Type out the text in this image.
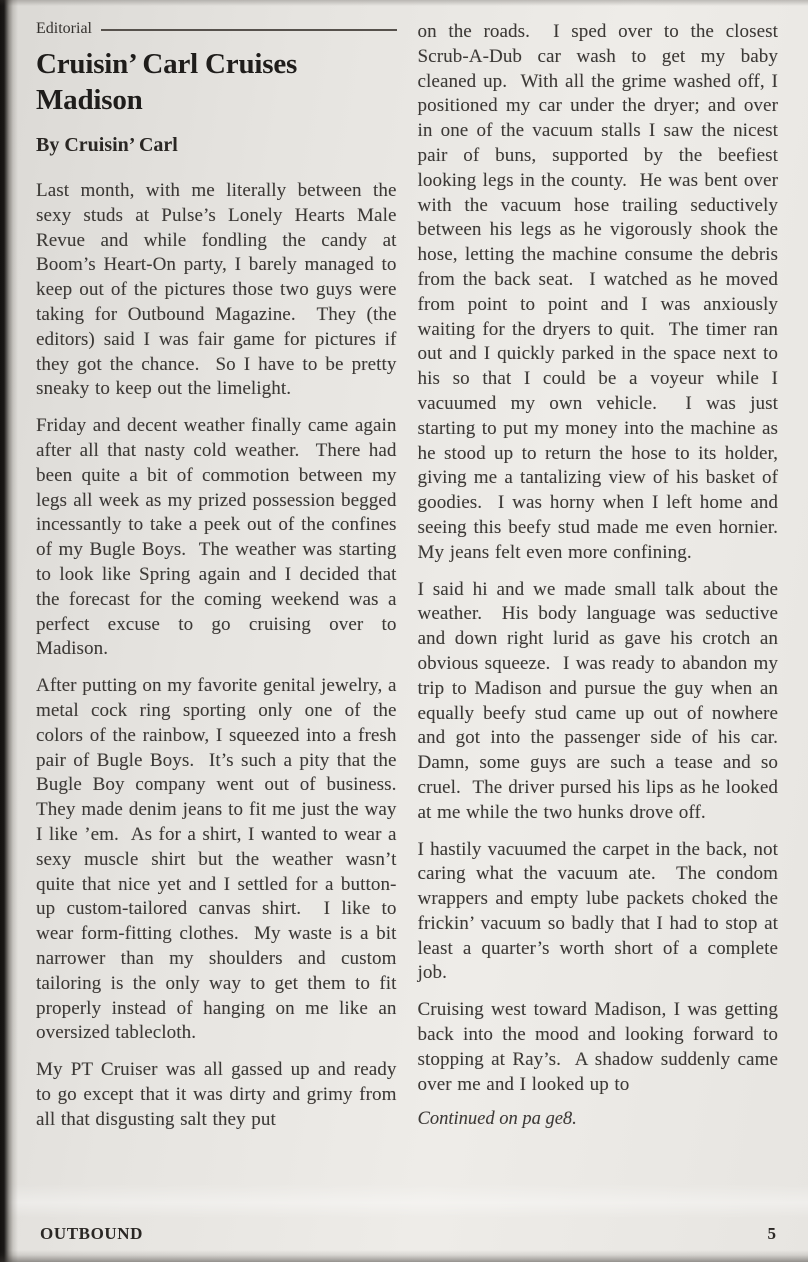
Editorial
Cruisin’ Carl Cruises
Madison

By Cruisin’ Carl

Last month, with me literally between the sexy studs at Pulse’s Lonely Hearts Male Revue and while fondling the candy at Boom’s Heart-On party, I barely managed to keep out of the pictures those two guys were taking for Outbound Magazine.  They (the editors) said I was fair game for pictures if they got the chance.  So I have to be pretty sneaky to keep out the limelight.

Friday and decent weather finally came again after all that nasty cold weather.  There had been quite a bit of commotion between my legs all week as my prized possession begged incessantly to take a peek out of the confines of my Bugle Boys.  The weather was starting to look like Spring again and I decided that the forecast for the coming weekend was a perfect excuse to go cruising over to Madison.

After putting on my favorite genital jewelry, a metal cock ring sporting only one of the colors of the rainbow, I squeezed into a fresh pair of Bugle Boys.  It’s such a pity that the Bugle Boy company went out of business.  They made denim jeans to fit me just the way I like ’em.  As for a shirt, I wanted to wear a sexy muscle shirt but the weather wasn’t quite that nice yet and I settled for a button-up custom-tailored canvas shirt.  I like to wear form-fitting clothes.  My waste is a bit narrower than my shoulders and custom tailoring is the only way to get them to fit properly instead of hanging on me like an oversized tablecloth.

My PT Cruiser was all gassed up and ready to go except that it was dirty and grimy from all that disgusting salt they put

on the roads.  I sped over to the closest Scrub-A-Dub car wash to get my baby cleaned up.  With all the grime washed off, I positioned my car under the dryer; and over in one of the vacuum stalls I saw the nicest pair of buns, supported by the beefiest looking legs in the county.  He was bent over with the vacuum hose trailing seductively between his legs as he vigorously shook the hose, letting the machine consume the debris from the back seat.  I watched as he moved from point to point and I was anxiously waiting for the dryers to quit.  The timer ran out and I quickly parked in the space next to his so that I could be a voyeur while I vacuumed my own vehicle.  I was just starting to put my money into the machine as he stood up to return the hose to its holder, giving me a tantalizing view of his basket of goodies.  I was horny when I left home and seeing this beefy stud made me even hornier.  My jeans felt even more confining.

I said hi and we made small talk about the weather.  His body language was seductive and down right lurid as gave his crotch an obvious squeeze.  I was ready to abandon my trip to Madison and pursue the guy when an equally beefy stud came up out of nowhere and got into the passenger side of his car.  Damn, some guys are such a tease and so cruel.  The driver pursed his lips as he looked at me while the two hunks drove off.

I hastily vacuumed the carpet in the back, not caring what the vacuum ate.  The condom wrappers and empty lube packets choked the frickin’ vacuum so badly that I had to stop at least a quarter’s worth short of a complete job.

Cruising west toward Madison, I was getting back into the mood and looking forward to stopping at Ray’s.  A shadow suddenly came over me and I looked up to

Continued on pa ge8.

OUTBOUND	5
